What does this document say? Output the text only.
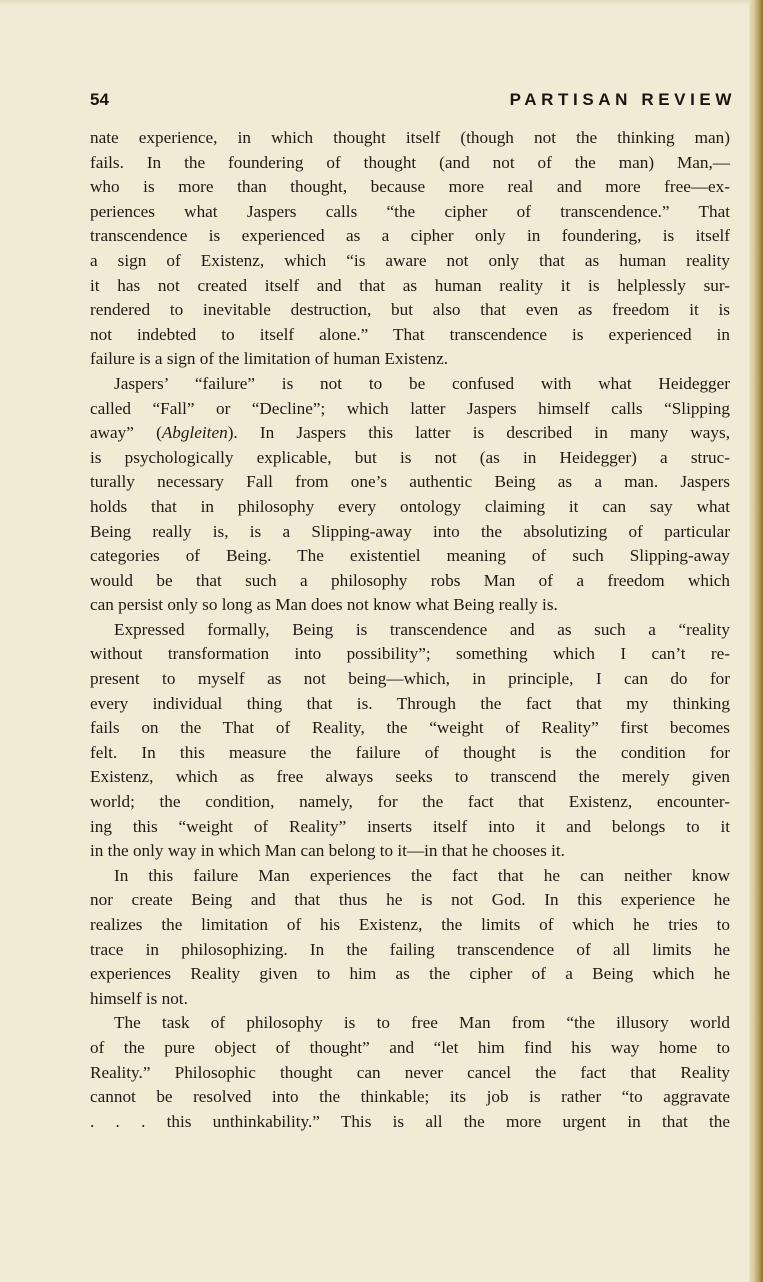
54	PARTISAN REVIEW
nate experience, in which thought itself (though not the thinking man)
fails. In the foundering of thought (and not of the man) Man,—
who is more than thought, because more real and more free—ex-
periences what Jaspers calls “the cipher of transcendence.” That
transcendence is experienced as a cipher only in foundering, is itself
a sign of Existenz, which “is aware not only that as human reality
it has not created itself and that as human reality it is helplessly sur-
rendered to inevitable destruction, but also that even as freedom it is
not indebted to itself alone.” That transcendence is experienced in
failure is a sign of the limitation of human Existenz.
Jaspers’ “failure” is not to be confused with what Heidegger
called “Fall” or “Decline”; which latter Jaspers himself calls “Slipping
away” (Abgleiten). In Jaspers this latter is described in many ways,
is psychologically explicable, but is not (as in Heidegger) a struc-
turally necessary Fall from one’s authentic Being as a man. Jaspers
holds that in philosophy every ontology claiming it can say what
Being really is, is a Slipping-away into the absolutizing of particular
categories of Being. The existentiel meaning of such Slipping-away
would be that such a philosophy robs Man of a freedom which
can persist only so long as Man does not know what Being really is.
Expressed formally, Being is transcendence and as such a “reality
without transformation into possibility”; something which I can’t re-
present to myself as not being—which, in principle, I can do for
every individual thing that is. Through the fact that my thinking
fails on the That of Reality, the “weight of Reality” first becomes
felt. In this measure the failure of thought is the condition for
Existenz, which as free always seeks to transcend the merely given
world; the condition, namely, for the fact that Existenz, encounter-
ing this “weight of Reality” inserts itself into it and belongs to it
in the only way in which Man can belong to it—in that he chooses it.
In this failure Man experiences the fact that he can neither know
nor create Being and that thus he is not God. In this experience he
realizes the limitation of his Existenz, the limits of which he tries to
trace in philosophizing. In the failing transcendence of all limits he
experiences Reality given to him as the cipher of a Being which he
himself is not.
The task of philosophy is to free Man from “the illusory world
of the pure object of thought” and “let him find his way home to
Reality.” Philosophic thought can never cancel the fact that Reality
cannot be resolved into the thinkable; its job is rather “to aggravate
. . . this unthinkability.” This is all the more urgent in that the
